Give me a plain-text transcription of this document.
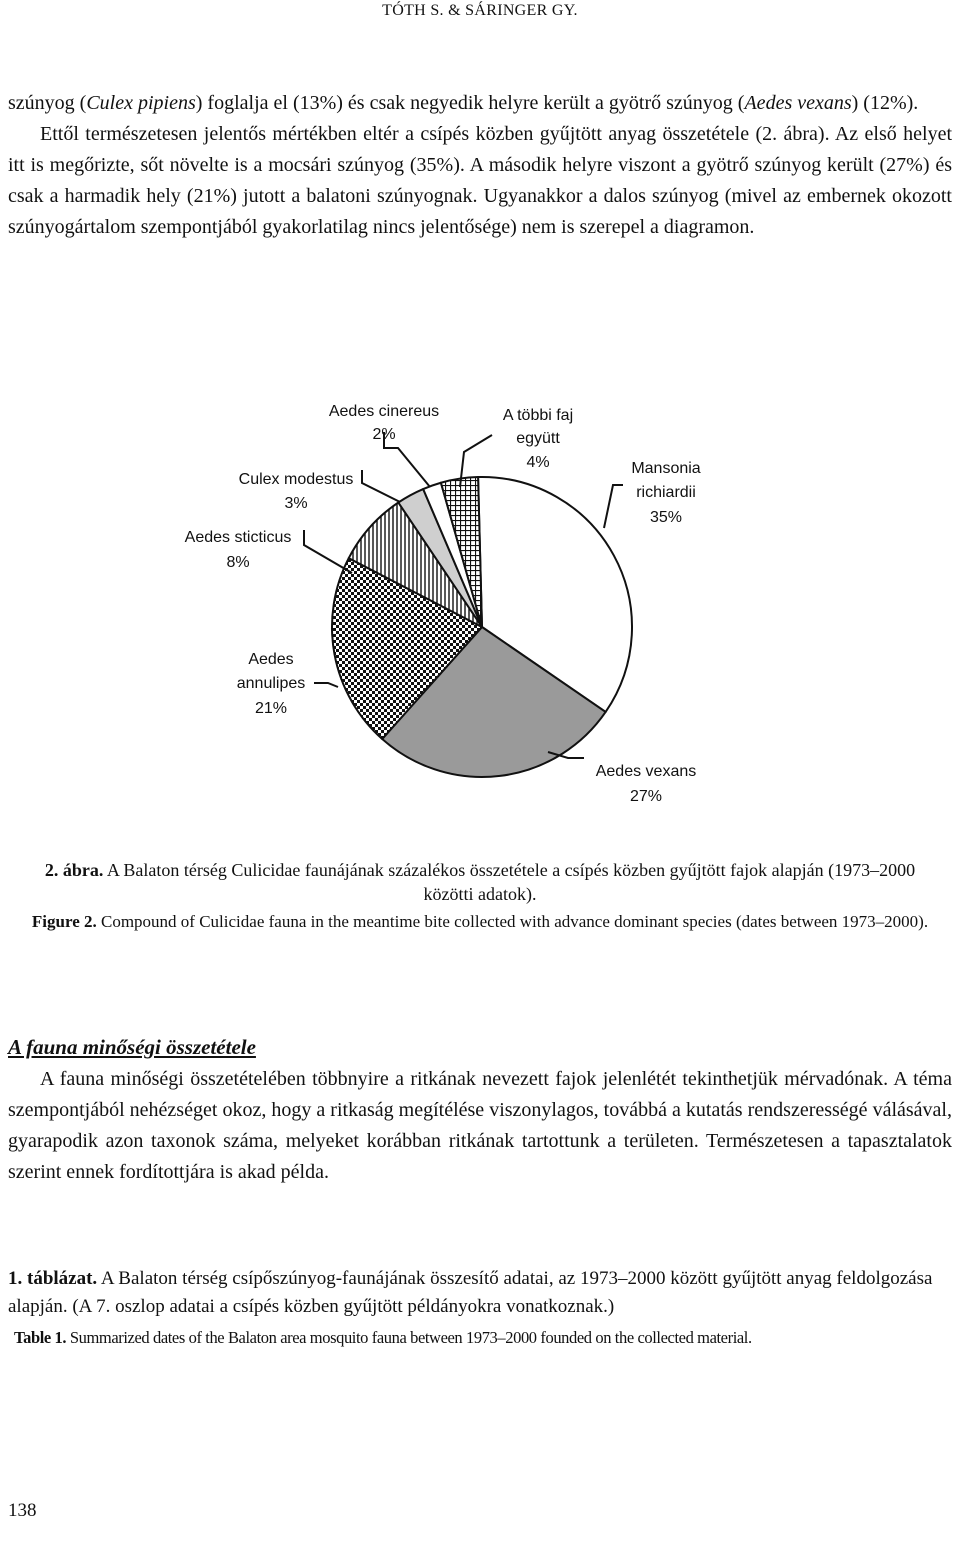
TÓTH S. & SÁRINGER GY.

szúnyog (Culex pipiens) foglalja el (13%) és csak negyedik helyre került a gyötrő szúnyog (Aedes vexans) (12%).

Ettől természetesen jelentős mértékben eltér a csípés közben gyűjtött anyag összetétele (2. ábra). Az első helyet itt is megőrizte, sőt növelte is a mocsári szúnyog (35%). A második helyre viszont a gyötrő szúnyog került (27%) és csak a harmadik hely (21%) jutott a balatoni szúnyognak. Ugyanakkor a dalos szúnyog (mivel az embernek okozott szúnyogártalom szempontjából gyakorlatilag nincs jelentősége) nem is szerepel a diagramon.

Aedes cinereus
2%
A többi faj
együtt
4%	Mansonia
richiardii
35%
Culex modestus
3%
Aedes sticticus
8%
Aedes
annulipes
21%
Aedes vexans
27%
2. ábra. A Balaton térség Culicidae faunájának százalékos összetétele a csípés közben gyűjtött fajok alapján (1973–2000 közötti adatok).
Figure 2. Compound of Culicidae fauna in the meantime bite collected with advance dominant species (dates between 1973–2000).
A fauna minőségi összetétele

A fauna minőségi összetételében többnyire a ritkának nevezett fajok jelenlétét tekinthetjük mérvadónak. A téma szempontjából nehézséget okoz, hogy a ritkaság megítélése viszonylagos, továbbá a kutatás rendszerességé válásával, gyarapodik azon taxonok száma, melyeket korábban ritkának tartottunk a területen. Természetesen a tapasztalatok szerint ennek fordítottjára is akad példa.

1. táblázat. A Balaton térség csípőszúnyog-faunájának összesítő adatai, az 1973–2000 között gyűjtött anyag feldolgozása alapján. (A 7. oszlop adatai a csípés közben gyűjtött példányokra vonatkoznak.)

Table 1. Summarized dates of the Balaton area mosquito fauna between 1973–2000 founded on the collected material.
138
